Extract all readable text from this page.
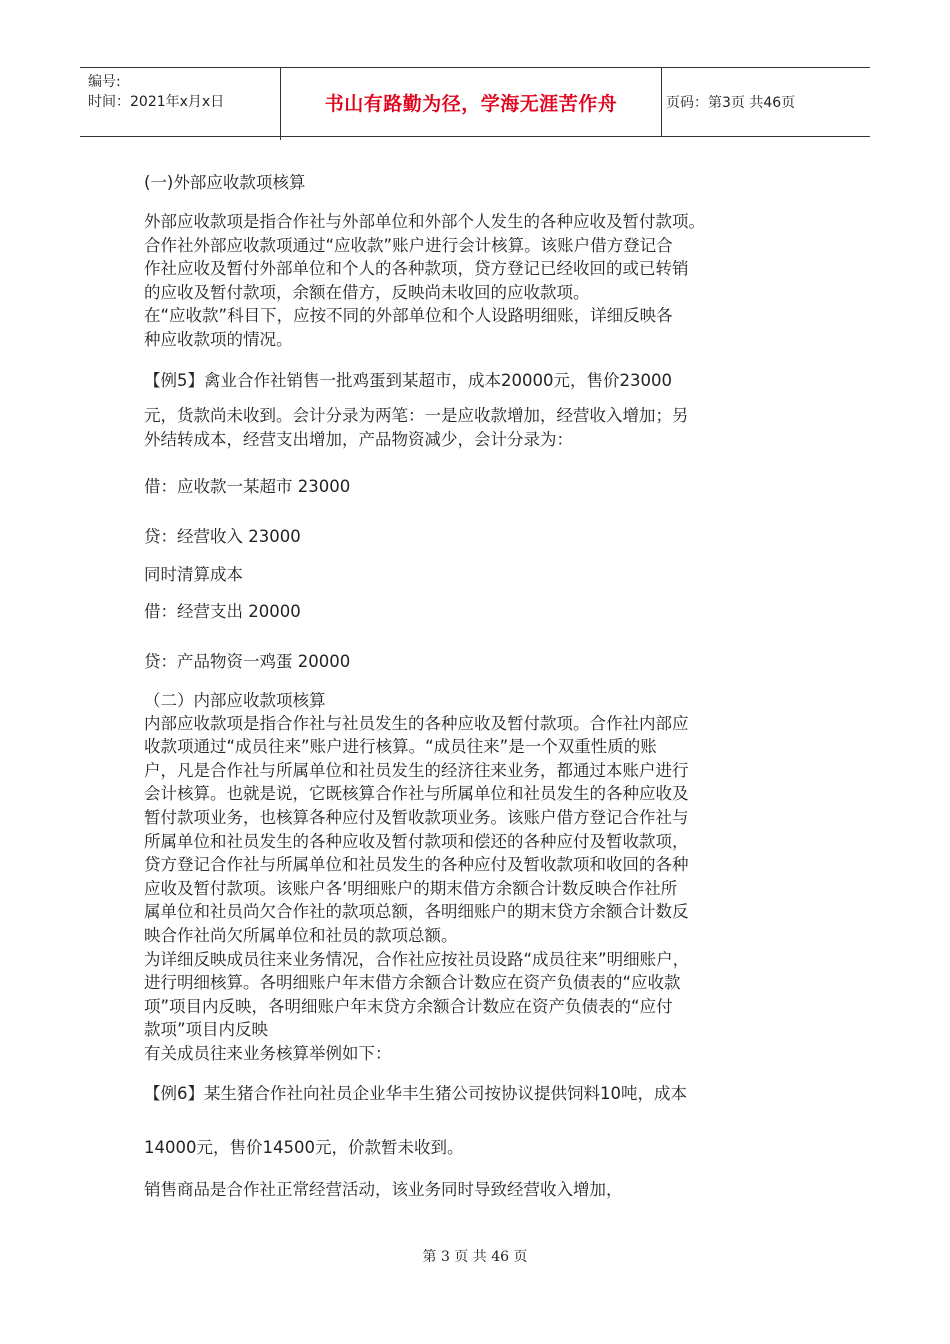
编号:
时间：2021年x月x日	书山有路勤为径，学海无涯苦作舟	页码：第3页 共46页

(一)外部应收款项核算

外部应收款项是指合作社与外部单位和外部个人发生的各种应收及暂付款项。
合作社外部应收款项通过“应收款”账户进行会计核算。该账户借方登记合
作社应收及暂付外部单位和个人的各种款项，贷方登记已经收回的或已转销
的应收及暂付款项，余额在借方，反映尚未收回的应收款项。
在“应收款”科目下，应按不同的外部单位和个人设路明细账，详细反映各
种应收款项的情况。
【例5】禽业合作社销售一批鸡蛋到某超市，成本20000元，售价23000
元，货款尚未收到。会计分录为两笔：一是应收款增加，经营收入增加；另
外结转成本，经营支出增加，产品物资减少，会计分录为：
借：应收款一某超市 23000
贷：经营收入 23000
同时清算成本
借：经营支出 20000
贷：产品物资一鸡蛋 20000

（二）内部应收款项核算

内部应收款项是指合作社与社员发生的各种应收及暂付款项。合作社内部应
收款项通过“成员往来”账户进行核算。“成员往来”是一个双重性质的账
户，凡是合作社与所属单位和社员发生的经济往来业务，都通过本账户进行
会计核算。也就是说，它既核算合作社与所属单位和社员发生的各种应收及
暂付款项业务，也核算各种应付及暂收款项业务。该账户借方登记合作社与
所属单位和社员发生的各种应收及暂付款项和偿还的各种应付及暂收款项，
贷方登记合作社与所属单位和社员发生的各种应付及暂收款项和收回的各种
应收及暂付款项。该账户各’明细账户的期末借方余额合计数反映合作社所
属单位和社员尚欠合作社的款项总额，各明细账户的期末贷方余额合计数反
映合作社尚欠所属单位和社员的款项总额。
为详细反映成员往来业务情况，合作社应按社员设路“成员往来”明细账户，
进行明细核算。各明细账户年末借方余额合计数应在资产负债表的“应收款
项”项目内反映，各明细账户年末贷方余额合计数应在资产负债表的“应付
款项”项目内反映
有关成员往来业务核算举例如下：
【例6】某生猪合作社向社员企业华丰生猪公司按协议提供饲料10吨，成本
14000元，售价14500元，价款暂未收到。
销售商品是合作社正常经营活动，该业务同时导致经营收入增加，
第 3 页 共 46 页
